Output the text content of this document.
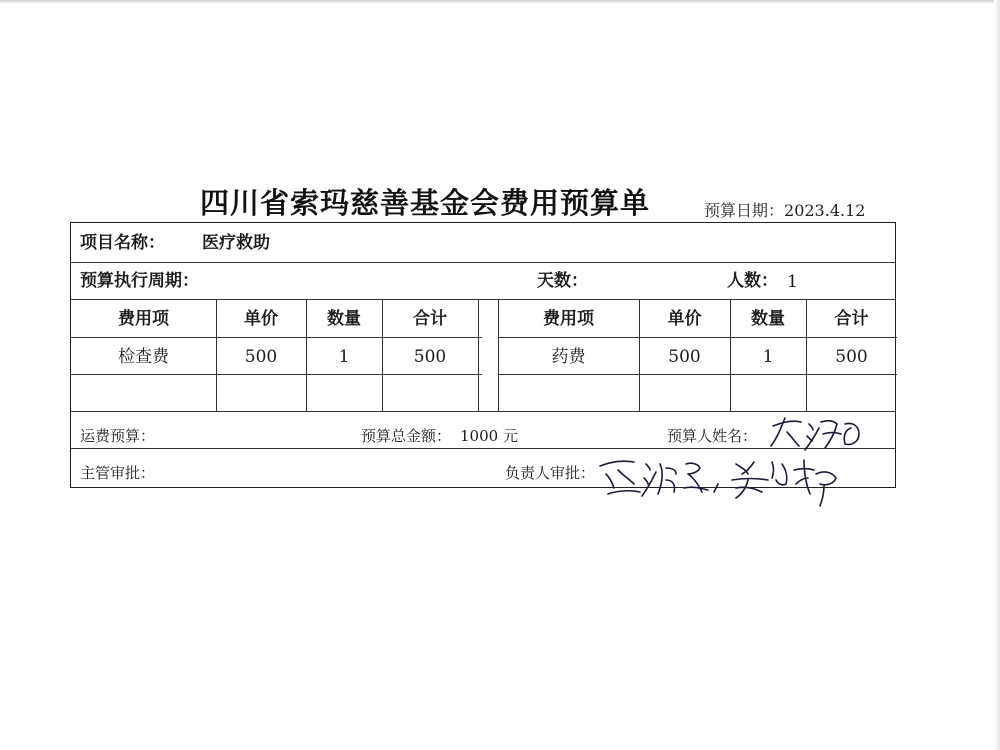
四川省索玛慈善基金会费用预算单	预算日期：2023.4.12
项目名称： 医疗救助
预算执行周期：	天数：	人数： 1
费用项	单价	数量	合计	费用项	单价	数量	合计
检查费	500	1	500	药费	500	1	500
运费预算：	预算总金额： 1000 元	预算人姓名：
主管审批：	负责人审批：
